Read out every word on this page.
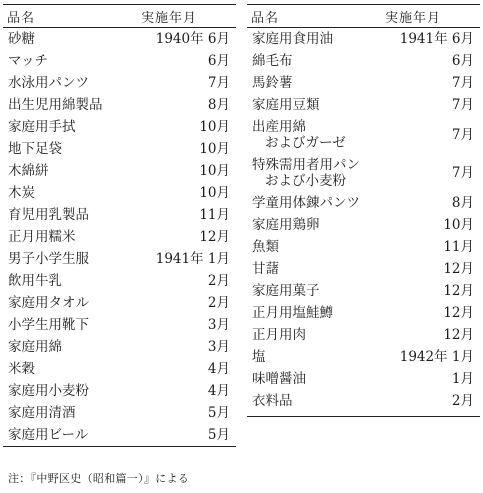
品名	実施年月
砂糖	1940年 6月
マッチ	6月
水泳用パンツ	7月
出生児用綿製品	8月
家庭用手拭	10月
地下足袋	10月
木綿絣	10月
木炭	10月
育児用乳製品	11月
正月用糯米	12月
男子小学生服	1941年 1月
飲用牛乳	2月
家庭用タオル	2月
小学生用靴下	3月
家庭用綿	3月
米穀	4月
家庭用小麦粉	4月
家庭用清酒	5月
家庭用ビール	5月
品名	実施年月
家庭用食用油	1941年 6月
綿毛布	6月
馬鈴薯	7月
家庭用豆類	7月
出産用綿
およびガーゼ	7月
特殊需用者用パン
および小麦粉	7月
学童用体錬パンツ	8月
家庭用鶏卵	10月
魚類	11月
甘藷	12月
家庭用菓子	12月
正月用塩鮭鱒	12月
正月用肉	12月
塩	1942年 1月
味噌醤油	1月
衣料品	2月
注：『中野区史（昭和篇一）』による
